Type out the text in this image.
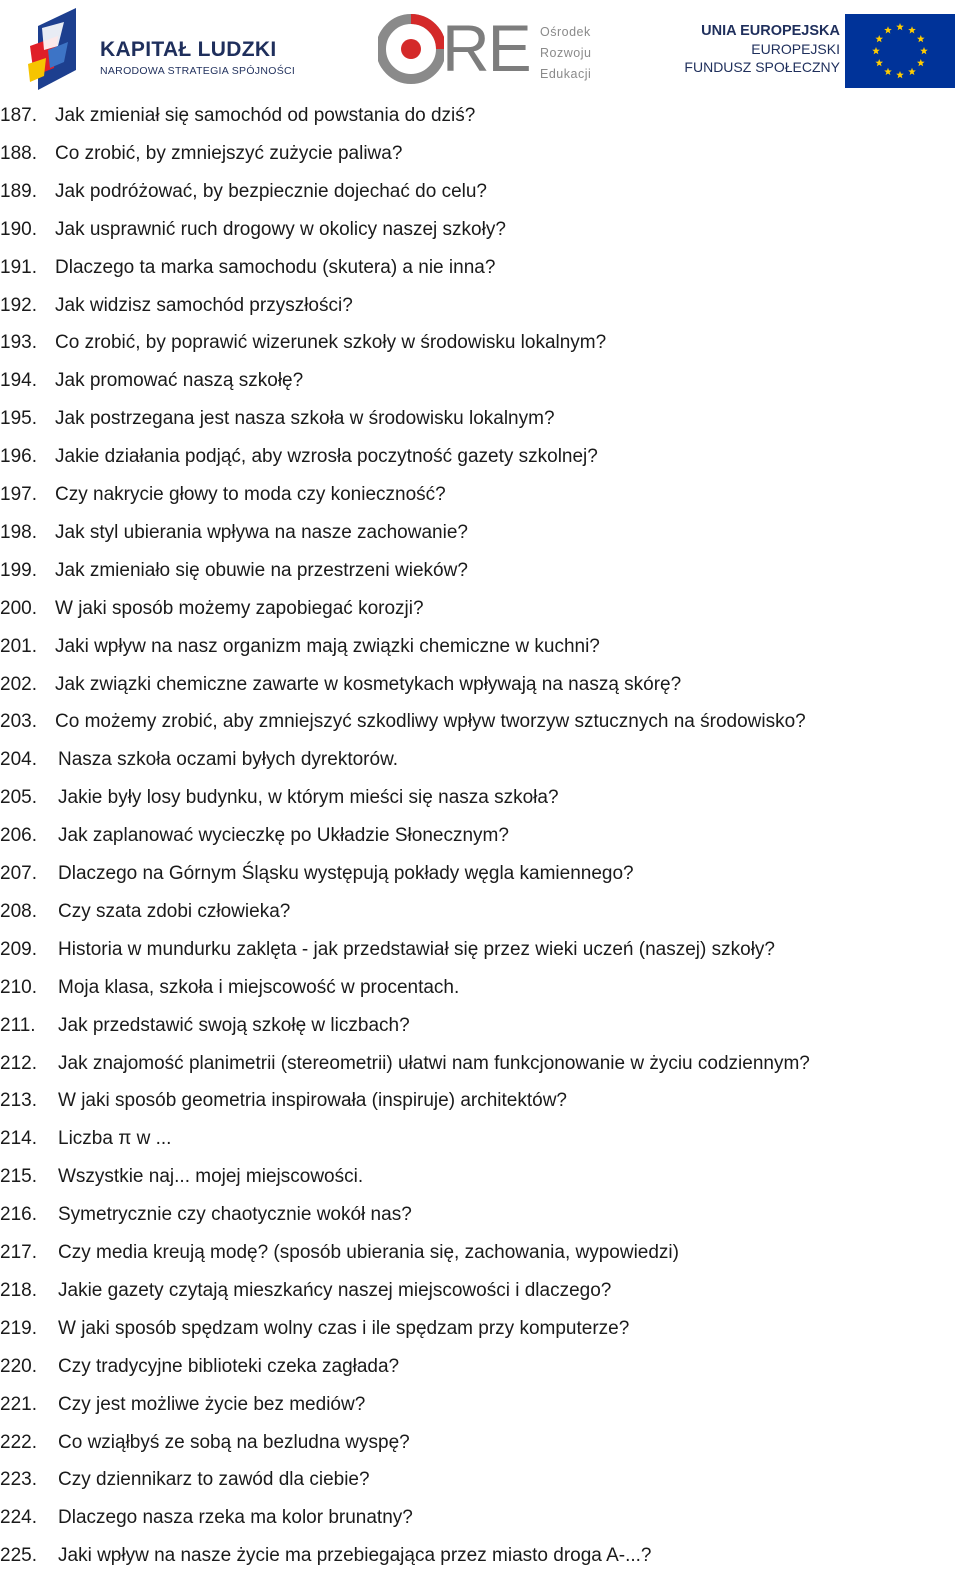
KAPITAŁ LUDZKI
NARODOWA STRATEGIA SPÓJNOŚCI RE Ośrodek
Rozwoju
Edukacji
UNIA EUROPEJSKA
EUROPEJSKI
FUNDUSZ SPOŁECZNY
187. Jak zmieniał się samochód od powstania do dziś?
188. Co zrobić, by zmniejszyć zużycie paliwa?
189. Jak podróżować, by bezpiecznie dojechać do celu?
190. Jak usprawnić ruch drogowy w okolicy naszej szkoły?
191. Dlaczego ta marka samochodu (skutera) a nie inna?
192. Jak widzisz samochód przyszłości?
193. Co zrobić, by poprawić wizerunek szkoły w środowisku lokalnym?
194. Jak promować naszą szkołę?
195. Jak postrzegana jest nasza szkoła w środowisku lokalnym?
196. Jakie działania podjąć, aby wzrosła poczytność gazety szkolnej?
197. Czy nakrycie głowy to moda czy konieczność?
198. Jak styl ubierania wpływa na nasze zachowanie?
199. Jak zmieniało się obuwie na przestrzeni wieków?
200. W jaki sposób możemy zapobiegać korozji?
201. Jaki wpływ na nasz organizm mają związki chemiczne w kuchni?
202. Jak związki chemiczne zawarte w kosmetykach wpływają na naszą skórę?
203. Co możemy zrobić, aby zmniejszyć szkodliwy wpływ tworzyw sztucznych na środowisko?
204. Nasza szkoła oczami byłych dyrektorów.
205. Jakie były losy budynku, w którym mieści się nasza szkoła?
206. Jak zaplanować wycieczkę po Układzie Słonecznym?
207. Dlaczego na Górnym Śląsku występują pokłady węgla kamiennego?
208. Czy szata zdobi człowieka?
209. Historia w mundurku zaklęta - jak przedstawiał się przez wieki uczeń (naszej) szkoły?
210. Moja klasa, szkoła i miejscowość w procentach.
211. Jak przedstawić swoją szkołę w liczbach?
212. Jak znajomość planimetrii (stereometrii) ułatwi nam funkcjonowanie w życiu codziennym?
213. W jaki sposób geometria inspirowała (inspiruje) architektów?
214. Liczba π w ...
215. Wszystkie naj... mojej miejscowości.
216. Symetrycznie czy chaotycznie wokół nas?
217. Czy media kreują modę? (sposób ubierania się, zachowania, wypowiedzi)
218. Jakie gazety czytają mieszkańcy naszej miejscowości i dlaczego?
219. W jaki sposób spędzam wolny czas i ile spędzam przy komputerze?
220. Czy tradycyjne biblioteki czeka zagłada?
221. Czy jest możliwe życie bez mediów?
222. Co wziąłbyś ze sobą na bezludna wyspę?
223. Czy dziennikarz to zawód dla ciebie?
224. Dlaczego nasza rzeka ma kolor brunatny?
225. Jaki wpływ na nasze życie ma przebiegająca przez miasto droga A-...?
